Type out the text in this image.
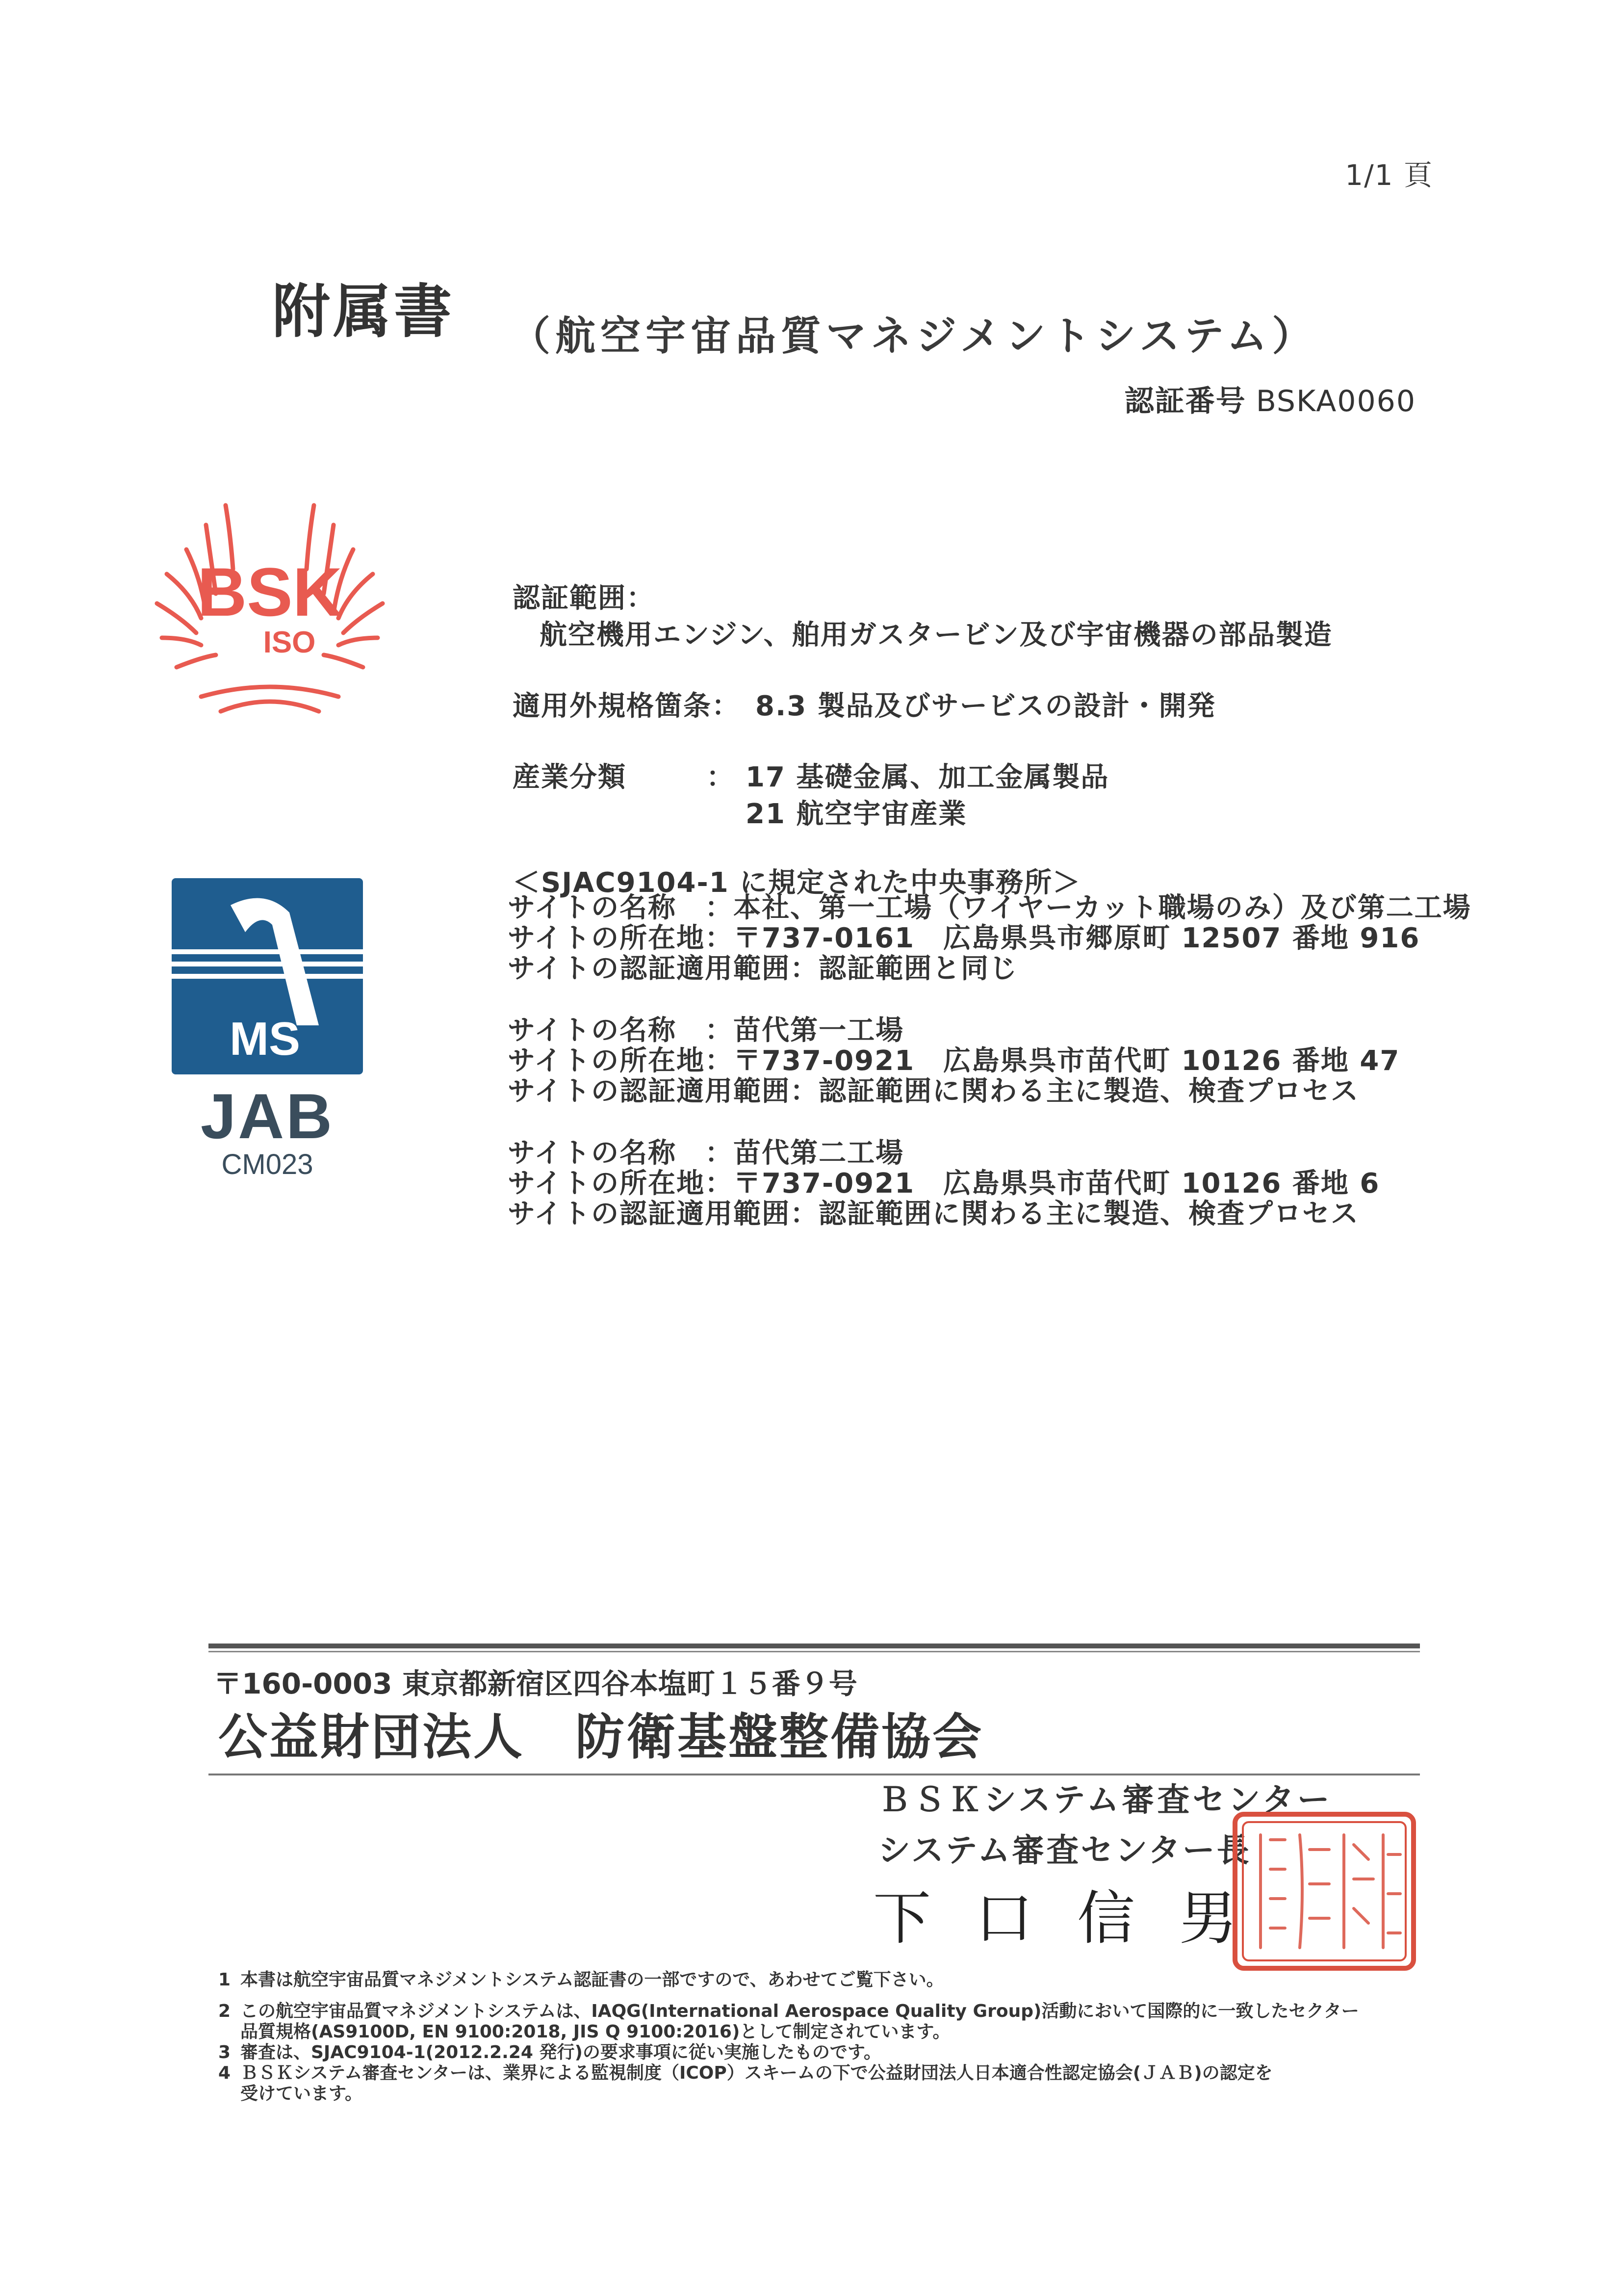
1/1 頁
附属書 （航空宇宙品質マネジメントシステム）
認証番号 BSKA0060
BSK
ISO
MS
JAB
CM023
認証範囲：
航空機用エンジン、舶用ガスタービン及び宇宙機器の部品製造
適用外規格箇条： 8.3 製品及びサービスの設計・開発
産業分類	： 17 基礎金属、加工金属製品
21 航空宇宙産業
＜SJAC9104-1 に規定された中央事務所＞
サイトの名称　：本社、第一工場（ワイヤーカット職場のみ）及び第二工場
サイトの所在地：〒737-0161　広島県呉市郷原町 12507 番地 916
サイトの認証適用範囲：認証範囲と同じ
サイトの名称　：苗代第一工場
サイトの所在地：〒737-0921　広島県呉市苗代町 10126 番地 47
サイトの認証適用範囲：認証範囲に関わる主に製造、検査プロセス
サイトの名称　：苗代第二工場
サイトの所在地：〒737-0921　広島県呉市苗代町 10126 番地 6
サイトの認証適用範囲：認証範囲に関わる主に製造、検査プロセス
〒160-0003 東京都新宿区四谷本塩町１５番９号
公益財団法人　防衛基盤整備協会
ＢＳＫシステム審査センター
システム審査センター長
下口信男
1 本書は航空宇宙品質マネジメントシステム認証書の一部ですので、あわせてご覧下さい。
2 この航空宇宙品質マネジメントシステムは、IAQG(International Aerospace Quality Group)活動において国際的に一致したセクター
品質規格(AS9100D, EN 9100:2018, JIS Q 9100:2016)として制定されています。
3 審査は、SJAC9104-1(2012.2.24 発行)の要求事項に従い実施したものです。
4 ＢＳＫシステム審査センターは、業界による監視制度（ICOP）スキームの下で公益財団法人日本適合性認定協会(ＪＡＢ)の認定を
受けています。
